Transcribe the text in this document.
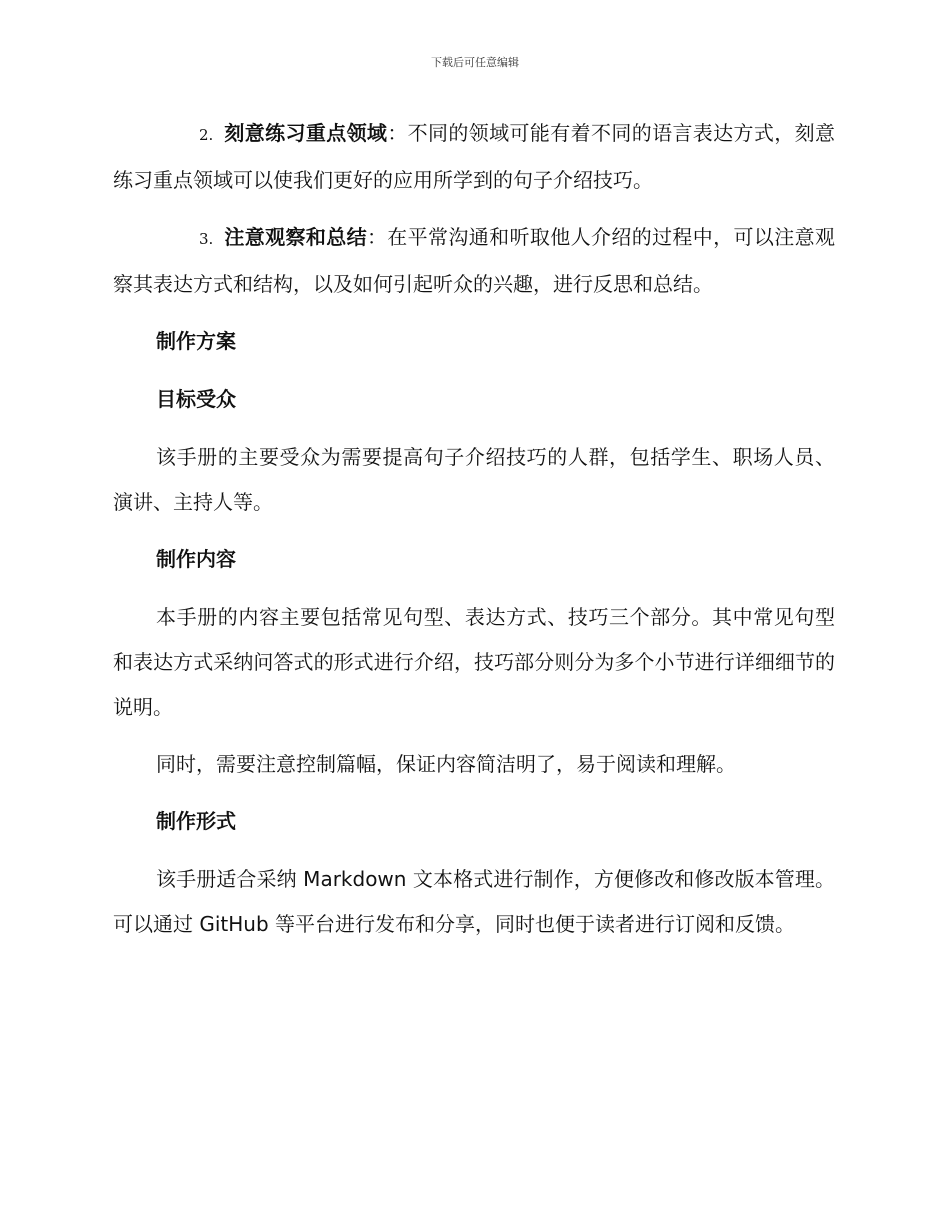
下载后可任意编辑

2. 刻意练习重点领域：不同的领域可能有着不同的语言表达方式，刻意练习重点领域可以使我们更好的应用所学到的句子介绍技巧。

3. 注意观察和总结：在平常沟通和听取他人介绍的过程中，可以注意观察其表达方式和结构，以及如何引起听众的兴趣，进行反思和总结。

制作方案
目标受众

该手册的主要受众为需要提高句子介绍技巧的人群，包括学生、职场人员、演讲、主持人等。

制作内容

本手册的内容主要包括常见句型、表达方式、技巧三个部分。其中常见句型和表达方式采纳问答式的形式进行介绍，技巧部分则分为多个小节进行详细细节的说明。

同时，需要注意控制篇幅，保证内容简洁明了，易于阅读和理解。

制作形式

该手册适合采纳 Markdown 文本格式进行制作，方便修改和修改版本管理。可以通过 GitHub 等平台进行发布和分享，同时也便于读者进行订阅和反馈。
